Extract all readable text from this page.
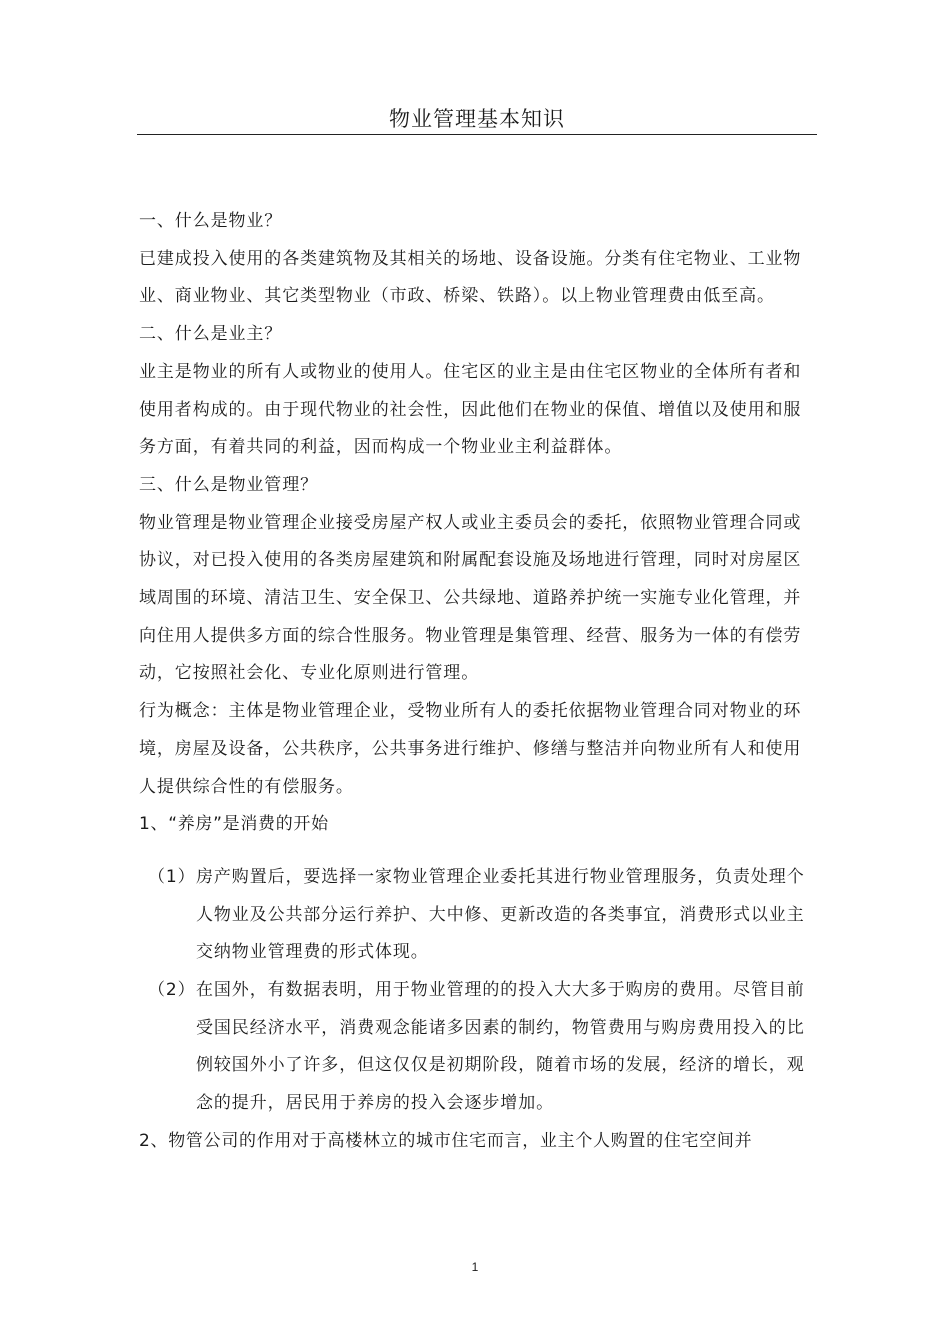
物业管理基本知识

一、什么是物业？

已建成投入使用的各类建筑物及其相关的场地、设备设施。分类有住宅物业、工业物业、商业物业、其它类型物业（市政、桥梁、铁路）。以上物业管理费由低至高。

二、什么是业主？

业主是物业的所有人或物业的使用人。住宅区的业主是由住宅区物业的全体所有者和使用者构成的。由于现代物业的社会性，因此他们在物业的保值、增值以及使用和服务方面，有着共同的利益，因而构成一个物业业主利益群体。

三、什么是物业管理？

物业管理是物业管理企业接受房屋产权人或业主委员会的委托，依照物业管理合同或协议，对已投入使用的各类房屋建筑和附属配套设施及场地进行管理，同时对房屋区域周围的环境、清洁卫生、安全保卫、公共绿地、道路养护统一实施专业化管理，并向住用人提供多方面的综合性服务。物业管理是集管理、经营、服务为一体的有偿劳动，它按照社会化、专业化原则进行管理。

行为概念：主体是物业管理企业，受物业所有人的委托依据物业管理合同对物业的环境，房屋及设备，公共秩序，公共事务进行维护、修缮与整洁并向物业所有人和使用人提供综合性的有偿服务。

1、“养房”是消费的开始

（1）房产购置后，要选择一家物业管理企业委托其进行物业管理服务，负责处理个人物业及公共部分运行养护、大中修、更新改造的各类事宜，消费形式以业主交纳物业管理费的形式体现。

（2）在国外，有数据表明，用于物业管理的的投入大大多于购房的费用。尽管目前受国民经济水平，消费观念能诸多因素的制约，物管费用与购房费用投入的比例较国外小了许多，但这仅仅是初期阶段，随着市场的发展，经济的增长，观念的提升，居民用于养房的投入会逐步增加。

2、物管公司的作用对于高楼林立的城市住宅而言，业主个人购置的住宅空间并

1
